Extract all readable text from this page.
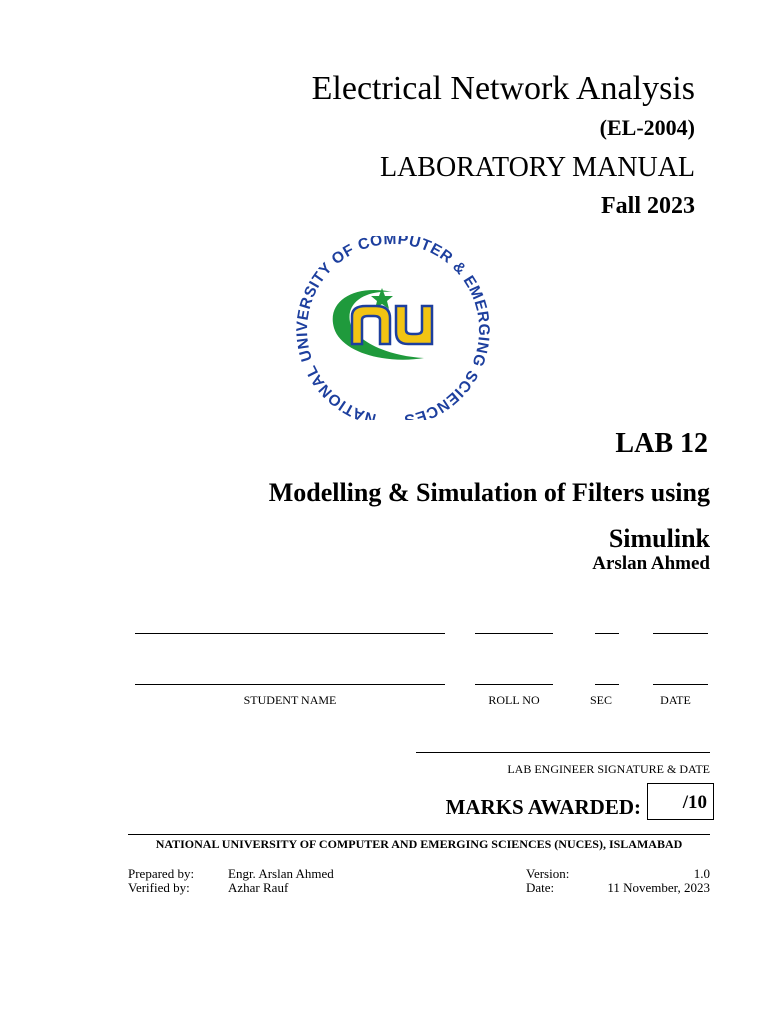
Electrical Network Analysis
(EL-2004)
LABORATORY MANUAL
Fall 2023
NATIONAL UN ERSITY OF COMPUTER & EME NG SCIENCES
LAB 12
Modelling & Simulation of Filters using Simulink
Arslan Ahmed
STUDENT NAME	ROLL NO	SEC	DATE
LAB ENGINEER SIGNATURE & DATE
MARKS AWARDED: /10
NATIONAL UNIVERSITY OF COMPUTER AND EMERGING SCIENCES (NUCES), ISLAMABAD
Prepared by:	Engr. Arslan Ahmed
Verified by:	Azhar Rauf
Version:	1.0
Date:	11 November, 2023
